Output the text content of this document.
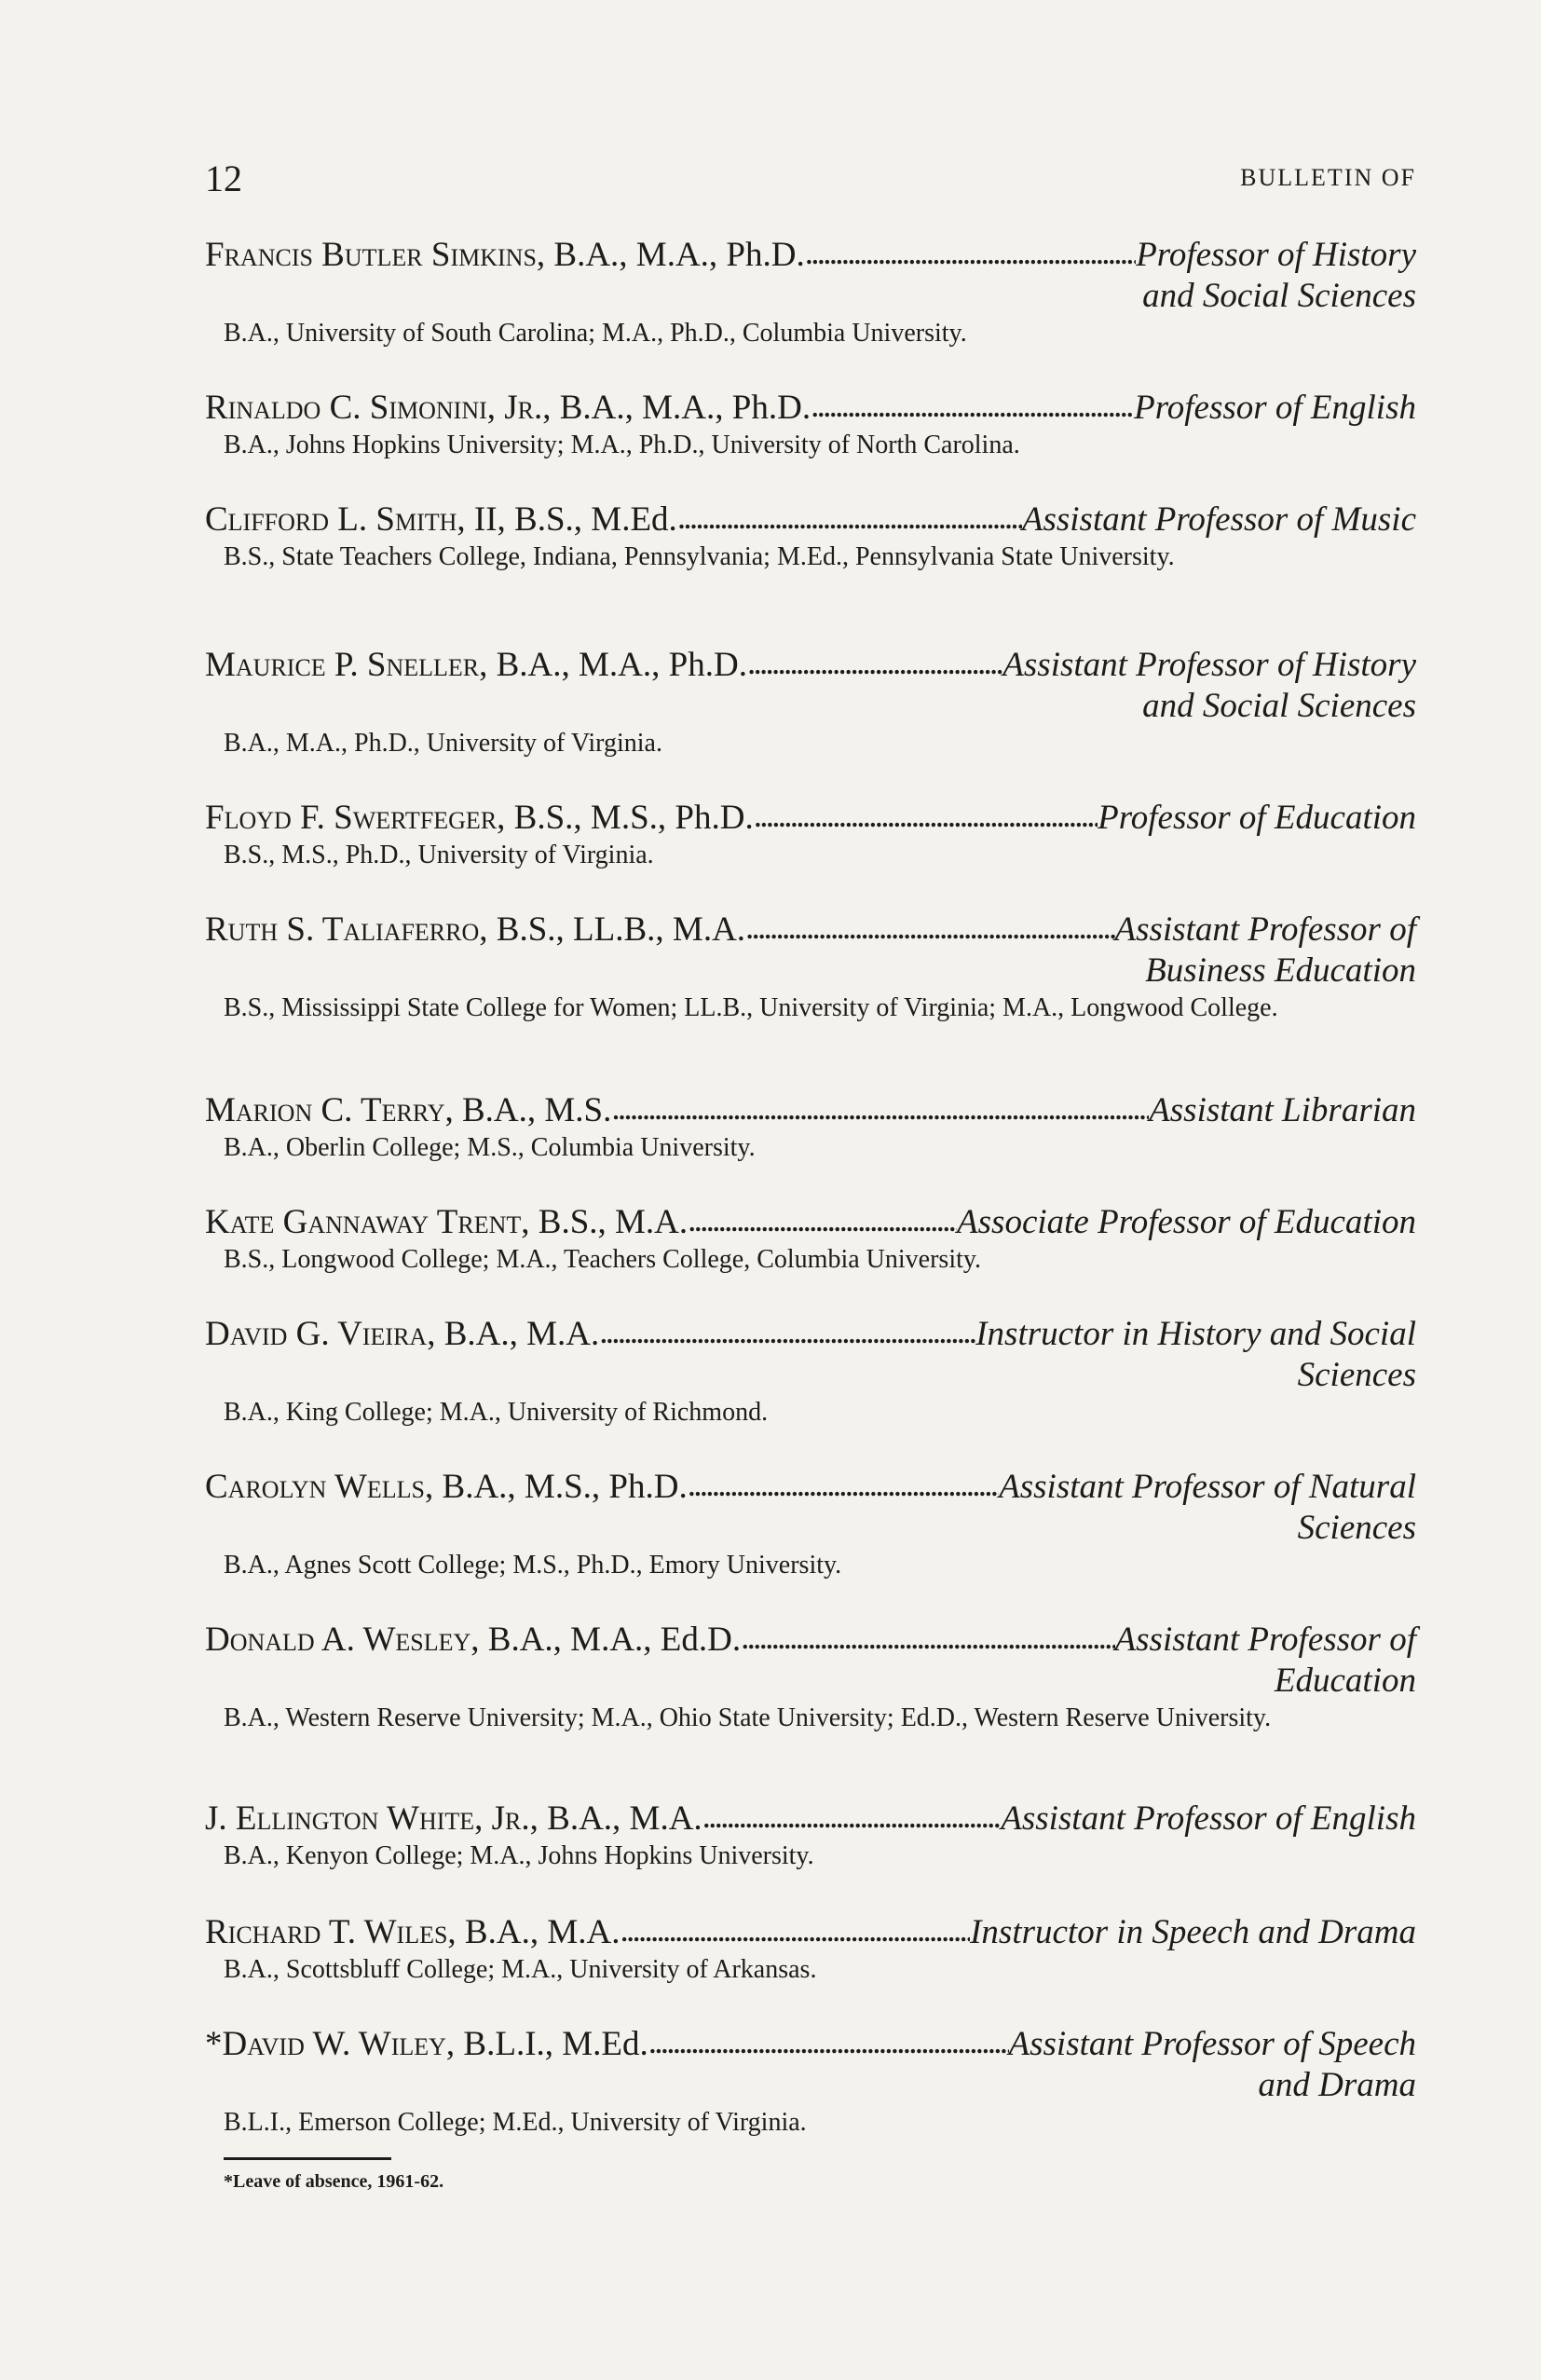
12	BULLETIN OF
Francis Butler Simkins , B.A., M.A., Ph.D. . . .	Professor of History
and Social Sciences
B.A., University of South Carolina; M.A., Ph.D., Columbia University.
Rinaldo C. Simonini, Jr. , B.A., M.A., Ph.D. . . .	Professor of English
B.A., Johns Hopkins University; M.A., Ph.D., University of North Carolina.
Clifford L. Smith, II , B.S., M.Ed. . . .	Assistant Professor of Music
B.S., State Teachers College, Indiana, Pennsylvania; M.Ed., Pennsylvania State University.
Maurice P. Sneller , B.A., M.A., Ph.D. . . .	Assistant Professor of History
and Social Sciences
B.A., M.A., Ph.D., University of Virginia.
Floyd F. Swertfeger , B.S., M.S., Ph.D. . . .	Professor of Education
B.S., M.S., Ph.D., University of Virginia.
Ruth S. Taliaferro , B.S., LL.B., M.A. . . .	Assistant Professor of
Business Education
B.S., Mississippi State College for Women; LL.B., University of Virginia; M.A., Longwood College.
Marion C. Terry , B.A., M.S. . . .	Assistant Librarian
B.A., Oberlin College; M.S., Columbia University.
Kate Gannaway Trent , B.S., M.A. . . .	Associate Professor of Education
B.S., Longwood College; M.A., Teachers College, Columbia University.
David G. Vieira , B.A., M.A. . . .	Instructor in History and Social
Sciences
B.A., King College; M.A., University of Richmond.
Carolyn Wells , B.A., M.S., Ph.D. . . .	Assistant Professor of Natural
Sciences
B.A., Agnes Scott College; M.S., Ph.D., Emory University.
Donald A. Wesley , B.A., M.A., Ed.D. . . .	Assistant Professor of
Education
B.A., Western Reserve University; M.A., Ohio State University; Ed.D., Western Reserve University.
J. Ellington White, Jr. , B.A., M.A. . . .	Assistant Professor of English
B.A., Kenyon College; M.A., Johns Hopkins University.
Richard T. Wiles , B.A., M.A. . . .	Instructor in Speech and Drama
B.A., Scottsbluff College; M.A., University of Arkansas.
*David W. Wiley , B.L.I., M.Ed. . . .	Assistant Professor of Speech
and Drama
B.L.I., Emerson College; M.Ed., University of Virginia.
*Leave of absence, 1961-62.
